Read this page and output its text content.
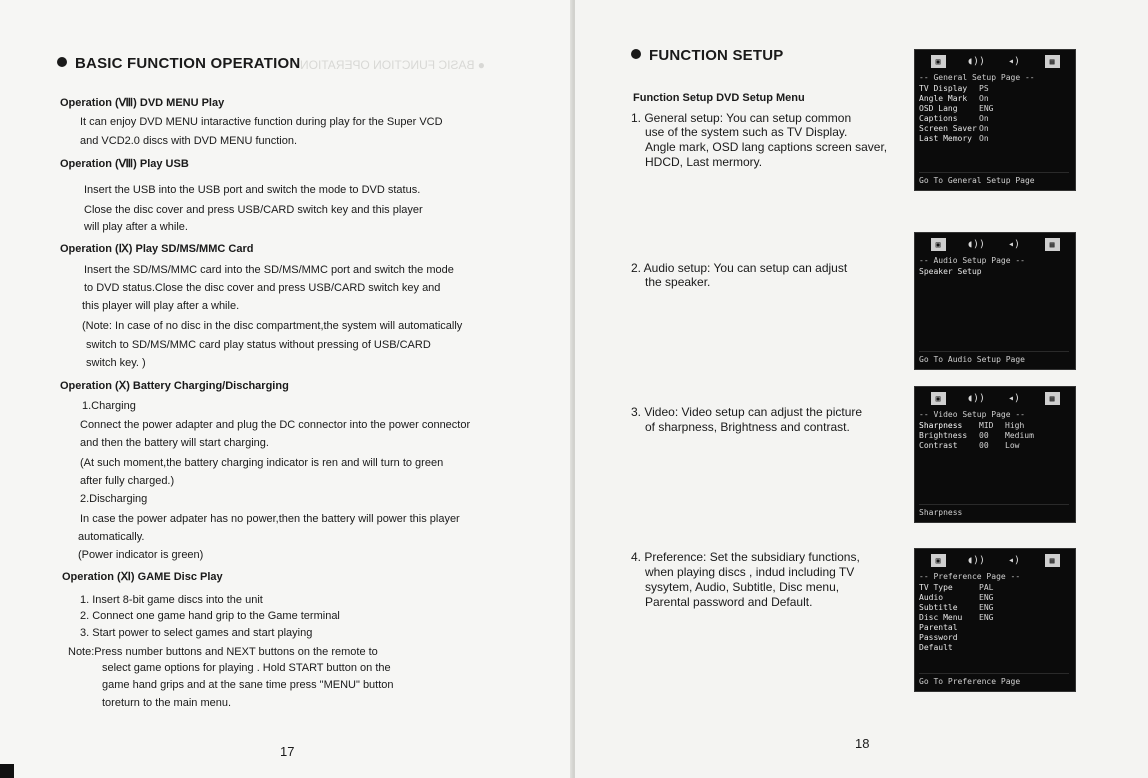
● BASIC FUNCTION OPERATION
BASIC FUNCTION OPERATION
Operation (Ⅷ) DVD MENU Play
It can enjoy DVD MENU intaractive function during play for the Super VCD
and VCD2.0 discs with DVD MENU function.
Operation (Ⅷ) Play USB
Insert the USB into the USB port and switch the mode to DVD status.
Close the disc cover and press USB/CARD switch key and this player
will play after a while.
Operation (Ⅸ) Play SD/MS/MMC Card
Insert the SD/MS/MMC card into the SD/MS/MMC port and switch the mode
to DVD status.Close the disc cover and press USB/CARD switch key and
this player will play after a while.
(Note: In case of no disc in the disc compartment,the system will automatically
switch to SD/MS/MMC card play status without pressing of USB/CARD
switch key. )
Operation (Ⅹ) Battery Charging/Discharging
1.Charging
Connect the power adapter and plug the DC connector into the power connector
and then the battery will start charging.
(At such moment,the battery charging indicator is ren and will turn to green
after fully charged.)
2.Discharging
In case the power adpater has no power,then the battery will power this player
automatically.
(Power indicator is green)
Operation (Ⅺ) GAME Disc Play
1. Insert 8-bit game discs into the unit
2. Connect one game hand grip to the Game terminal
3. Start power to select games and start playing
Note:Press number buttons and NEXT buttons on the remote to
select game options for playing . Hold START button on the
game hand grips and at the sane time press "MENU" button
toreturn to the main menu.
17
FUNCTION SETUP
Function Setup DVD Setup Menu
1. General setup: You can setup common
use of the system such as TV Display.
Angle mark, OSD lang captions screen saver,
HDCD, Last mermory.
2. Audio setup: You can setup can adjust
the speaker.
3. Video: Video setup can adjust the picture
of sharpness, Brightness and contrast.
4. Preference: Set the subsidiary functions,
when playing discs , indud including TV
sysytem, Audio, Subtitle, Disc menu,
Parental password and Default.
▣	◖)) ◂)	▦
-- General Setup Page --
TV Display	PS
Angle Mark	On
OSD Lang	ENG
Captions	On
Screen Saver On
Last Memory On
Go To General Setup Page
▣	◖)) ◂)	▦
-- Audio Setup Page --
Speaker Setup
Go To Audio Setup Page
▣	◖)) ◂)	▦
-- Video Setup Page --
Sharpness	MID	High
Brightness	00	Medium
Contrast	00	Low
Sharpness
▣	◖)) ◂)	▦
-- Preference Page --
TV Type	PAL
Audio	ENG
Subtitle	ENG
Disc Menu	ENG
Parental
Password
Default
Go To Preference Page
18
